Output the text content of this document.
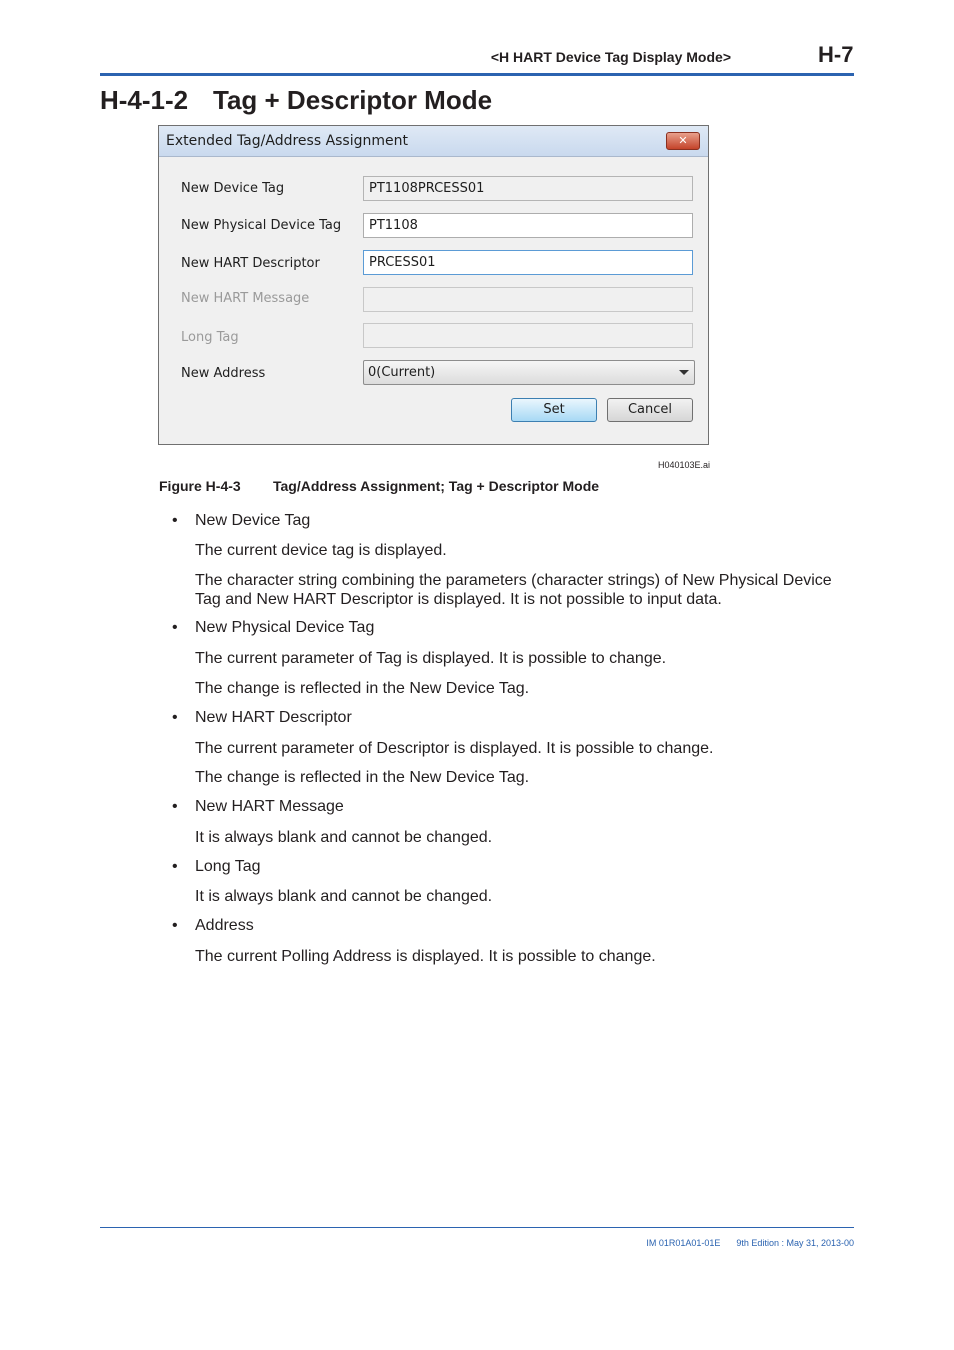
<H HART Device Tag Display Mode>	H-7
H-4-1-2 Tag + Descriptor Mode
Extended Tag/Address Assignment	✕
New Device Tag	PT1108PRCESS01
New Physical Device Tag	PT1108
New HART Descriptor	PRCESS01
New HART Message
Long Tag
New Address	0(Current)
Set	Cancel
H040103E.ai
Figure H-4-3 Tag/Address Assignment; Tag + Descriptor Mode
• New Device Tag
The current device tag is displayed.
The character string combining the parameters (character strings) of New Physical Device Tag and New HART Descriptor is displayed. It is not possible to input data.
• New Physical Device Tag
The current parameter of Tag is displayed. It is possible to change.
The change is reflected in the New Device Tag.
• New HART Descriptor
The current parameter of Descriptor is displayed. It is possible to change.
The change is reflected in the New Device Tag.
• New HART Message
It is always blank and cannot be changed.
• Long Tag
It is always blank and cannot be changed.
• Address
The current Polling Address is displayed. It is possible to change.
IM 01R01A01-01E 9th Edition : May 31, 2013-00
